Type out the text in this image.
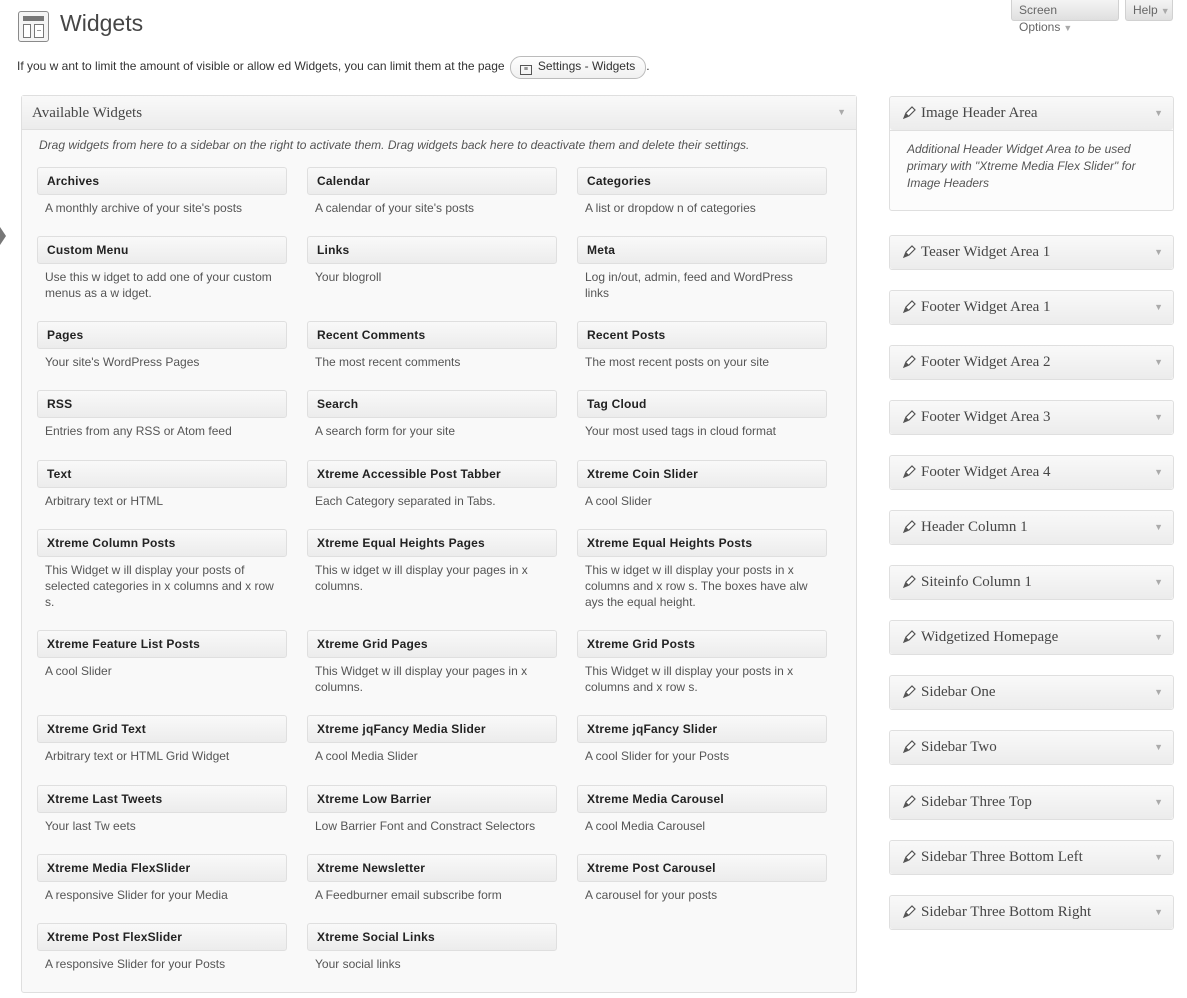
Widgets	Screen Options ▼
Help ▼
If you w ant to limit the amount of visible or allow ed Widgets, you can limit them at the page	≡ Settings - Widgets .
Available Widgets	▼
Drag widgets from here to a sidebar on the right to activate them. Drag widgets back here to deactivate them and delete their settings.
Archives
A monthly archive of your site's posts
Calendar
A calendar of your site's posts
Categories
A list or dropdow n of categories
Custom Menu
Use this w idget to add one of your custom menus as a w idget.
Links
Your blogroll
Meta
Log in/out, admin, feed and WordPress links
Pages
Your site's WordPress Pages
Recent Comments
The most recent comments
Recent Posts
The most recent posts on your site
RSS
Entries from any RSS or Atom feed
Search
A search form for your site
Tag Cloud
Your most used tags in cloud format
Text
Arbitrary text or HTML
Xtreme Accessible Post Tabber
Each Category separated in Tabs.
Xtreme Coin Slider
A cool Slider
Xtreme Column Posts
This Widget w ill display your posts of selected categories in x columns and x row s.
Xtreme Equal Heights Pages
This w idget w ill display your pages in x columns.
Xtreme Equal Heights Posts
This w idget w ill display your posts in x columns and x row s. The boxes have alw ays the equal height.
Xtreme Feature List Posts
A cool Slider
Xtreme Grid Pages
This Widget w ill display your pages in x columns.
Xtreme Grid Posts
This Widget w ill display your posts in x columns and x row s.
Xtreme Grid Text
Arbitrary text or HTML Grid Widget
Xtreme jqFancy Media Slider
A cool Media Slider
Xtreme jqFancy Slider
A cool Slider for your Posts
Xtreme Last Tweets
Your last Tw eets
Xtreme Low Barrier
Low Barrier Font and Constract Selectors
Xtreme Media Carousel
A cool Media Carousel
Xtreme Media FlexSlider
A responsive Slider for your Media
Xtreme Newsletter
A Feedburner email subscribe form
Xtreme Post Carousel
A carousel for your posts
Xtreme Post FlexSlider
A responsive Slider for your Posts
Xtreme Social Links
Your social links
Image Header Area	▼
Additional Header Widget Area to be used primary with "Xtreme Media Flex Slider" for Image Headers
Teaser Widget Area 1	▼
Footer Widget Area 1	▼
Footer Widget Area 2	▼
Footer Widget Area 3	▼
Footer Widget Area 4	▼
Header Column 1	▼
Siteinfo Column 1	▼
Widgetized Homepage	▼
Sidebar One	▼
Sidebar Two	▼
Sidebar Three Top	▼
Sidebar Three Bottom Left	▼
Sidebar Three Bottom Right	▼
